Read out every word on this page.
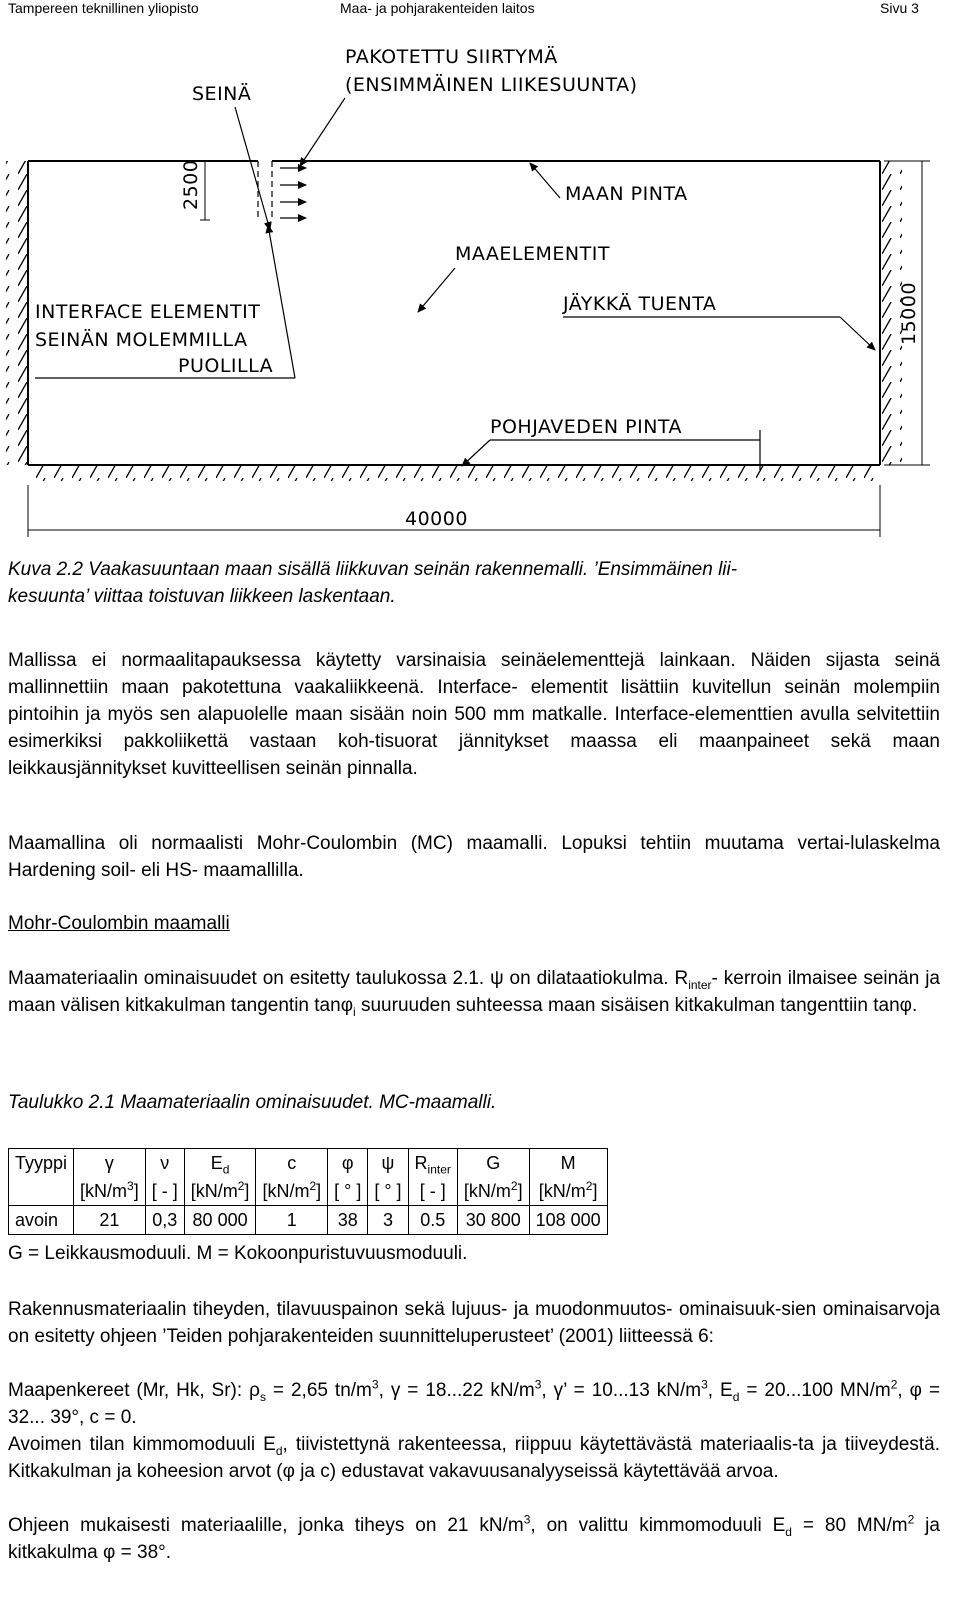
Tampereen teknillinen yliopisto	Maa- ja pohjarakenteiden laitos	Sivu 3
2500
15000
40000
SEINÄ
PAKOTETTU SIIRTYMÄ
(ENSIMMÄINEN LIIKESUUNTA)
MAAN PINTA
MAAELEMENTIT
INTERFACE ELEMENTIT
SEINÄN MOLEMMILLA
PUOLILLA
JÄYKKÄ TUENTA
POHJAVEDEN PINTA
Kuva 2.2 Vaakasuuntaan maan sisällä liikkuvan seinän rakennemalli. ’Ensimmäinen lii-
kesuunta’ viittaa toistuvan liikkeen laskentaan.
Mallissa ei normaalitapauksessa käytetty varsinaisia seinäelementtejä lainkaan. Näiden sijasta seinä mallinnettiin maan pakotettuna vaakaliikkeenä. Interface- elementit lisättiin kuvitellun seinän molempiin pintoihin ja myös sen alapuolelle maan sisään noin 500 mm matkalle. Interface-elementtien avulla selvitettiin esimerkiksi pakkoliikettä vastaan koh-tisuorat jännitykset maassa eli maanpaineet sekä maan leikkausjännitykset kuvitteellisen seinän pinnalla.
Maamallina oli normaalisti Mohr-Coulombin (MC) maamalli. Lopuksi tehtiin muutama vertai-lulaskelma Hardening soil- eli HS- maamallilla.
Mohr-Coulombin maamalli
Maamateriaalin ominaisuudet on esitetty taulukossa 2.1. ψ on dilataatiokulma. $R_{inter}-$ kerroin ilmaisee seinän ja maan välisen kitkakulman tangentin tanφ$_i$ suuruuden suhteessa maan sisäisen kitkakulman tangenttiin tanφ.
Taulukko 2.1 Maamateriaalin ominaisuudet. MC-maamalli.
Tyyppi	γ	ν	$E_d$	c	φ	ψ	$R_{inter}$	G	M
	$[kN/m^3]$	[ - ]	$[kN/m^2]$	$[kN/m^2]$	[ ° ]	[ ° ]	[ - ]	$[kN/m^2]$	$[kN/m^2]$
avoin	21	0,3	80 000	1	38	3	0.5	30 800	108 000
G = Leikkausmoduuli. M = Kokoonpuristuvuusmoduuli.
Rakennusmateriaalin tiheyden, tilavuuspainon sekä lujuus- ja muodonmuutos- ominaisuuk-sien ominaisarvoja on esitetty ohjeen ’Teiden pohjarakenteiden suunnitteluperusteet’ (2001) liitteessä 6:
Maapenkereet (Mr, Hk, Sr): $\rho_s = 2,65$ $tn/m^3$, γ = 18...22 $kN/m^3$, γ’ = 10...13 $kN/m^3$, $E_d = 20...100$ $MN/m^2$, φ = 32... 39°, c = 0.
Avoimen tilan kimmomoduuli $E_d$, tiivistettynä rakenteessa, riippuu käytettävästä materiaalis-ta ja tiiveydestä. Kitkakulman ja koheesion arvot (φ ja c) edustavat vakavuusanalyyseissä käytettävää arvoa.
Ohjeen mukaisesti materiaalille, jonka tiheys on 21 $kN/m^3$, on valittu kimmomoduuli $E_d = 80$ $MN/m^2$ ja kitkakulma φ = 38°.
